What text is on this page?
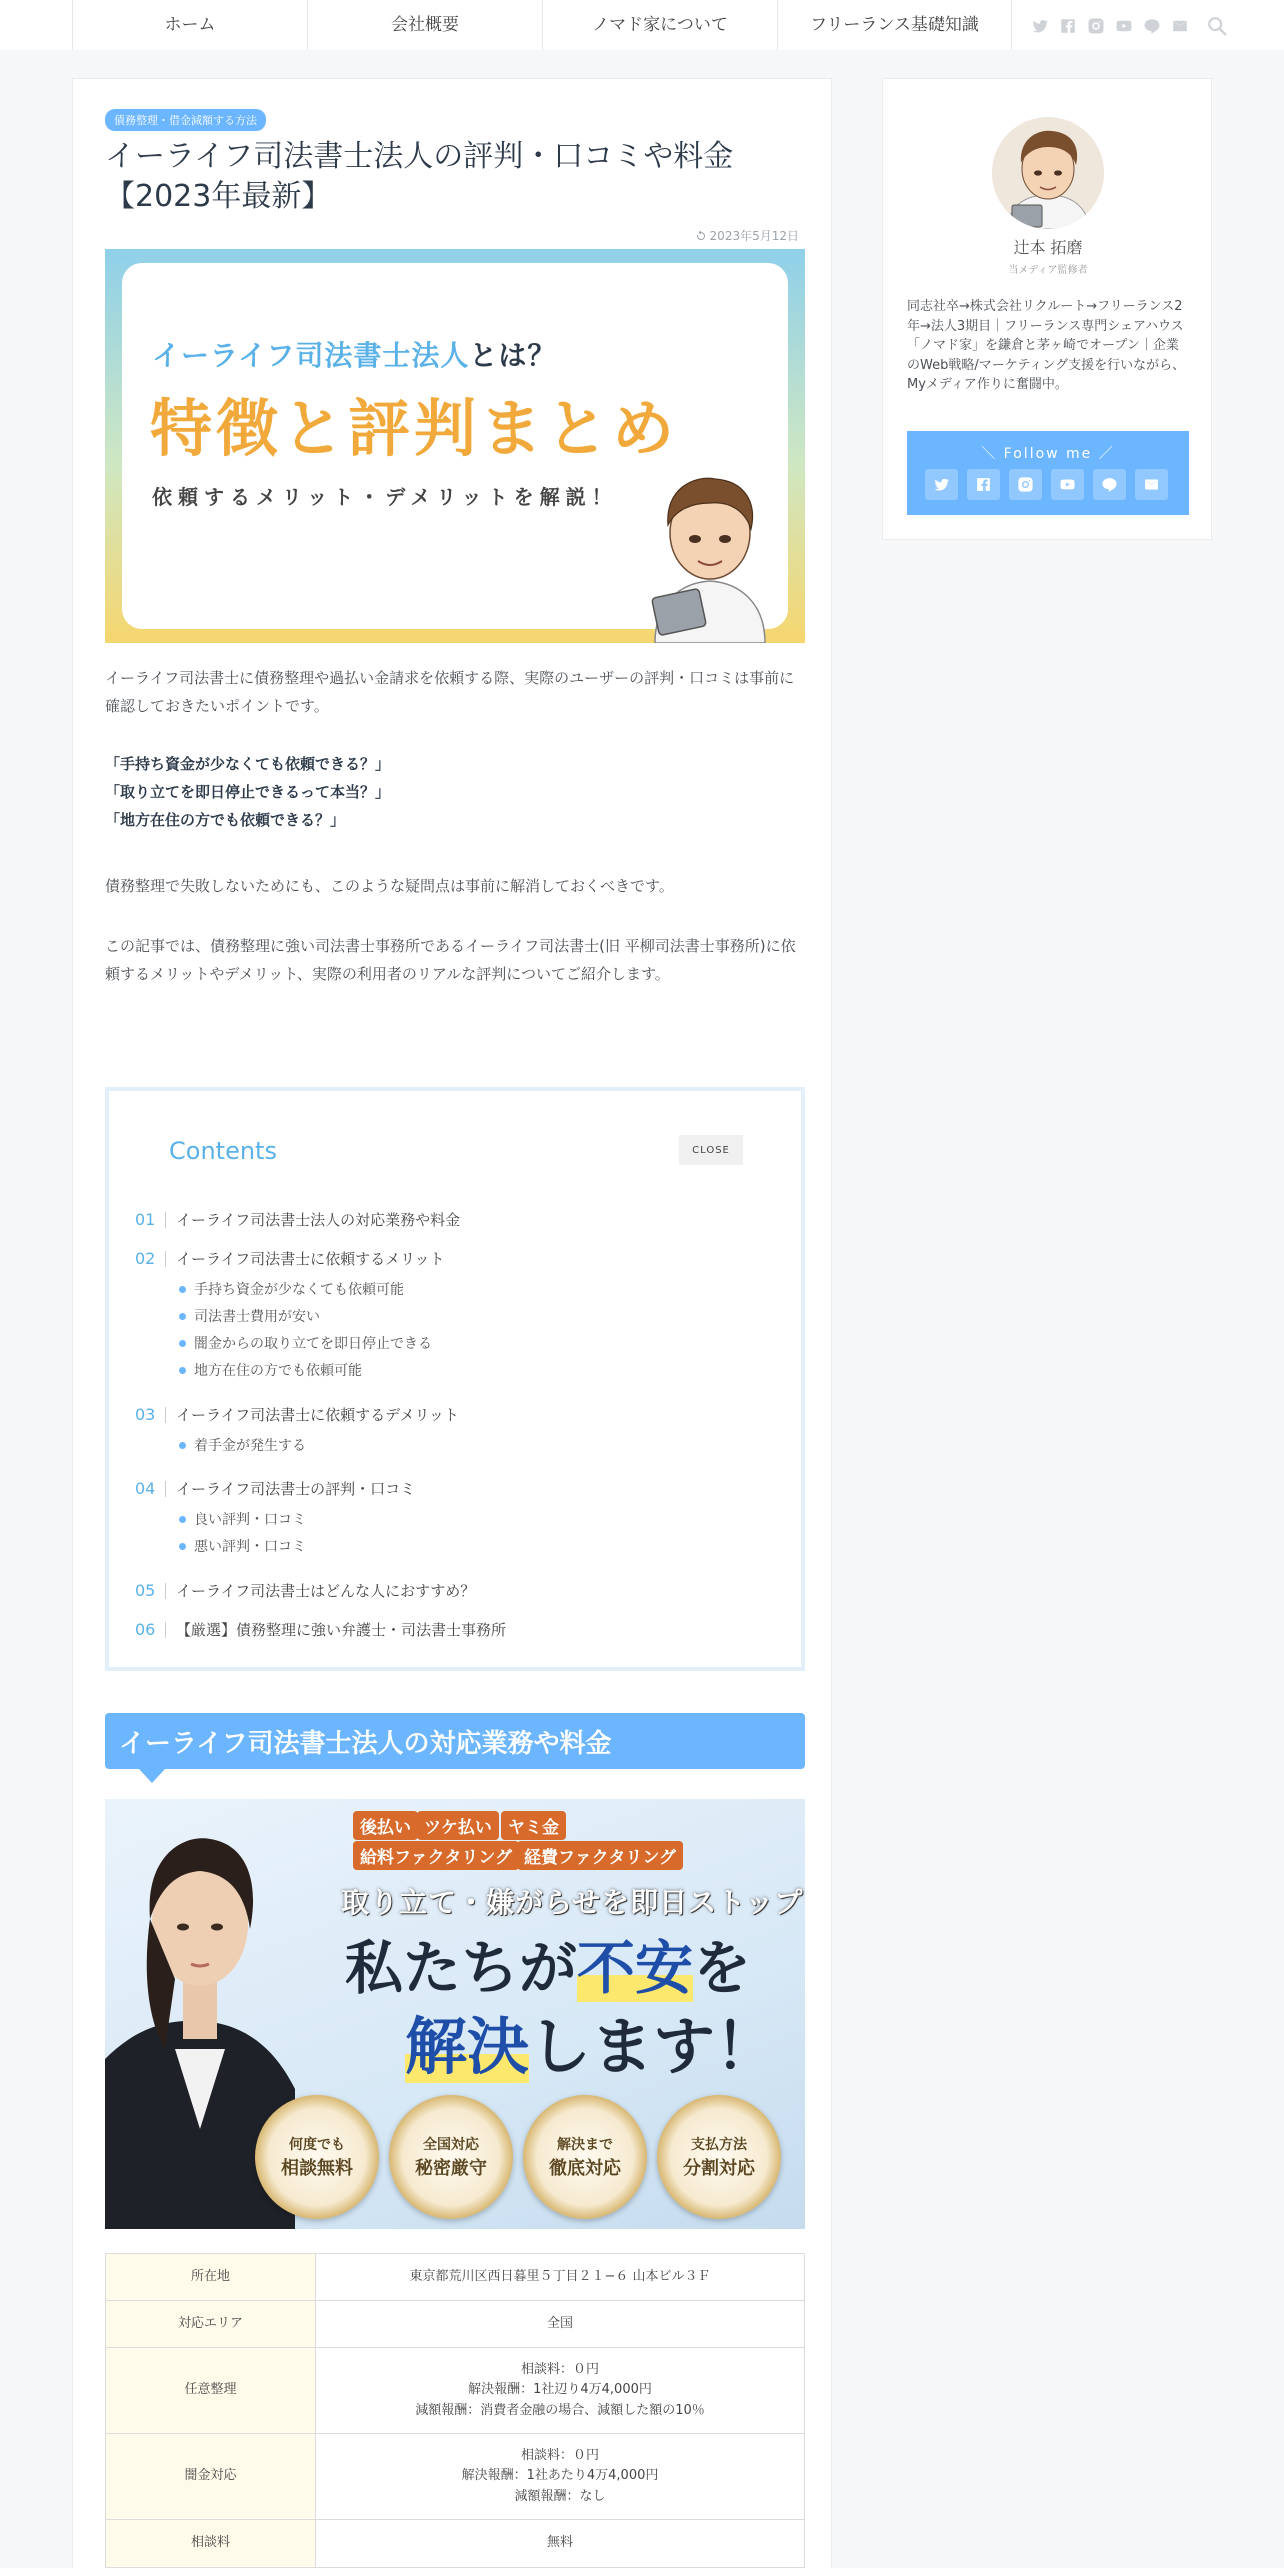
ホーム	会社概要	ノマド家について	フリーランス基礎知識
債務整理・借金減額する方法
イーライフ司法書士法人の評判・口コミや料金【2023年最新】
2023年5月12日
イーライフ司法書士法人とは？
特徴と評判まとめ
依頼するメリット・デメリットを解説！

イーライフ司法書士に債務整理や過払い金請求を依頼する際、実際のユーザーの評判・口コミは事前に確認しておきたいポイントです。

「手持ち資金が少なくても依頼できる？」
「取り立てを即日停止できるって本当？」
「地方在住の方でも依頼できる？」

債務整理で失敗しないためにも、このような疑問点は事前に解消しておくべきです。

この記事では、債務整理に強い司法書士事務所であるイーライフ司法書士(旧 平柳司法書士事務所)に依頼するメリットやデメリット、実際の利用者のリアルな評判についてご紹介します。

Contents	CLOSE
01	イーライフ司法書士法人の対応業務や料金
02	イーライフ司法書士に依頼するメリット
手持ち資金が少なくても依頼可能
司法書士費用が安い
闇金からの取り立てを即日停止できる
地方在住の方でも依頼可能
03	イーライフ司法書士に依頼するデメリット
着手金が発生する
04	イーライフ司法書士の評判・口コミ
良い評判・口コミ
悪い評判・口コミ
05	イーライフ司法書士はどんな人におすすめ？
06	【厳選】債務整理に強い弁護士・司法書士事務所
イーライフ司法書士法人の対応業務や料金
後払い ツケ払い ヤミ金
給料ファクタリング 経費ファクタリング
取り立て・嫌がらせを即日ストップ
私たちが不安を
解決します！
何度でも
相談無料
全国対応
秘密厳守
解決まで
徹底対応
支払方法
分割対応
所在地	東京都荒川区西日暮里５丁目２１−６ 山本ビル３Ｆ
対応エリア	全国
任意整理	相談料：０円
解決報酬：1社辺り4万4,000円
減額報酬：消費者金融の場合、減額した額の10％
闇金対応	相談料：０円
解決報酬：1社あたり4万4,000円
減額報酬：なし
相談料	無料
辻本 拓磨
当メディア監修者

同志社卒→株式会社リクルート→フリーランス2年→法人3期目｜フリーランス専門シェアハウス「ノマド家」を鎌倉と茅ヶ崎でオープン｜企業のWeb戦略/マーケティング支援を行いながら、Myメディア作りに奮闘中。

＼ Follow me ／
